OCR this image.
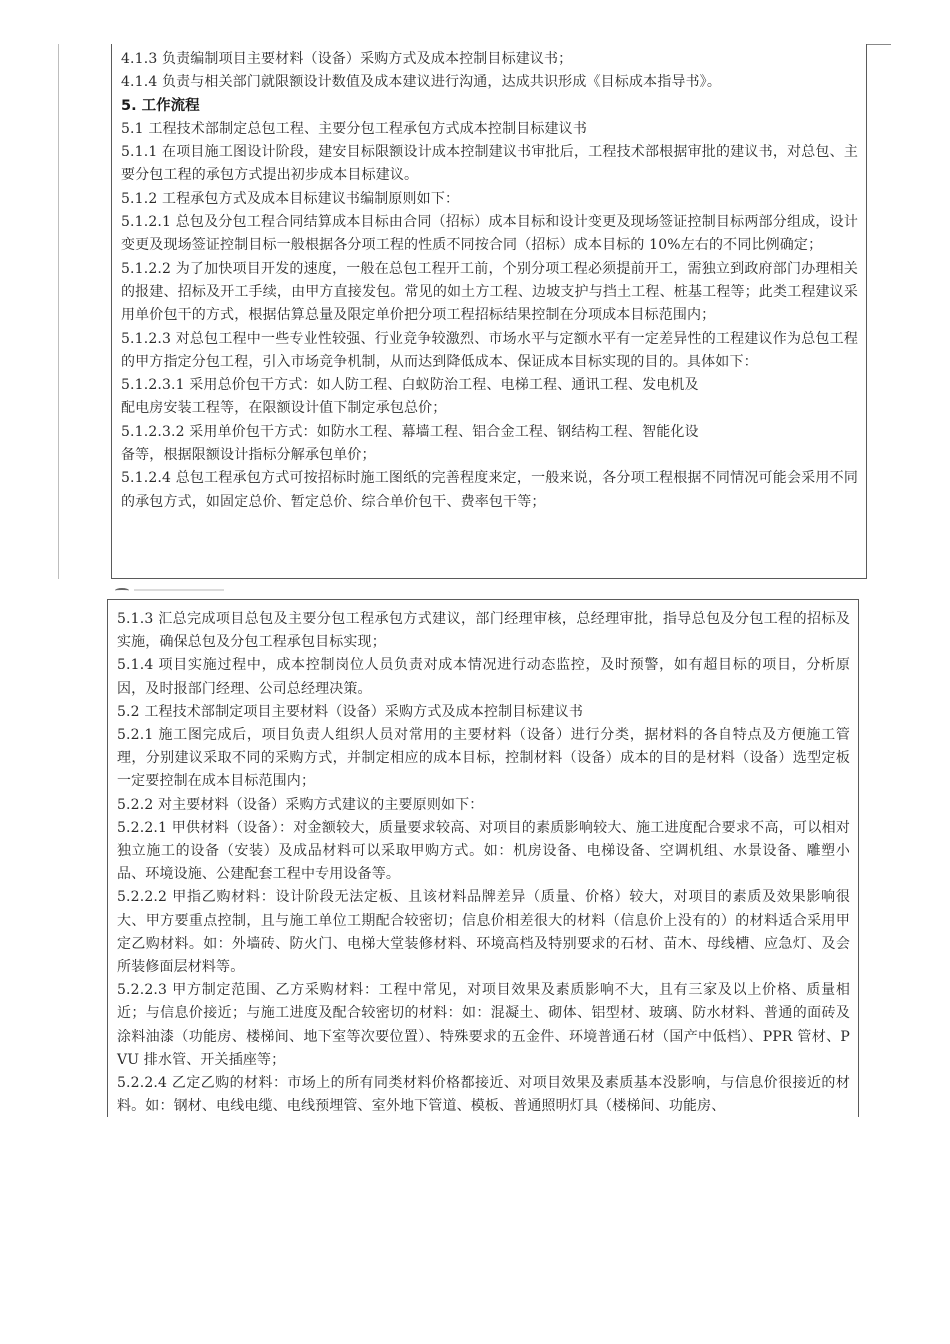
4.1.3 负责编制项目主要材料（设备）采购方式及成本控制目标建议书；

4.1.4 负责与相关部门就限额设计数值及成本建议进行沟通，达成共识形成《目标成本指导书》。

5. 工作流程

5.1 工程技术部制定总包工程、主要分包工程承包方式成本控制目标建议书

5.1.1 在项目施工图设计阶段，建安目标限额设计成本控制建议书审批后，工程技术部根据审批的建议书，对总包、主要分包工程的承包方式提出初步成本目标建议。

5.1.2 工程承包方式及成本目标建议书编制原则如下：

5.1.2.1 总包及分包工程合同结算成本目标由合同（招标）成本目标和设计变更及现场签证控制目标两部分组成，设计变更及现场签证控制目标一般根据各分项工程的性质不同按合同（招标）成本目标的 10%左右的不同比例确定；

5.1.2.2 为了加快项目开发的速度，一般在总包工程开工前，个别分项工程必须提前开工，需独立到政府部门办理相关的报建、招标及开工手续，由甲方直接发包。常见的如土方工程、边坡支护与挡土工程、桩基工程等；此类工程建议采用单价包干的方式，根据估算总量及限定单价把分项工程招标结果控制在分项成本目标范围内；

5.1.2.3 对总包工程中一些专业性较强、行业竞争较激烈、市场水平与定额水平有一定差异性的工程建议作为总包工程的甲方指定分包工程，引入市场竞争机制，从而达到降低成本、保证成本目标实现的目的。具体如下：

5.1.2.3.1 采用总价包干方式：如人防工程、白蚁防治工程、电梯工程、通讯工程、发电机及

配电房安装工程等，在限额设计值下制定承包总价；

5.1.2.3.2 采用单价包干方式：如防水工程、幕墙工程、铝合金工程、钢结构工程、智能化设

备等，根据限额设计指标分解承包单价；

5.1.2.4 总包工程承包方式可按招标时施工图纸的完善程度来定，一般来说，各分项工程根据不同情况可能会采用不同的承包方式，如固定总价、暂定总价、综合单价包干、费率包干等；

5.1.3 汇总完成项目总包及主要分包工程承包方式建议，部门经理审核，总经理审批，指导总包及分包工程的招标及实施，确保总包及分包工程承包目标实现；

5.1.4 项目实施过程中，成本控制岗位人员负责对成本情况进行动态监控，及时预警，如有超目标的项目，分析原因，及时报部门经理、公司总经理决策。

5.2 工程技术部制定项目主要材料（设备）采购方式及成本控制目标建议书

5.2.1 施工图完成后，项目负责人组织人员对常用的主要材料（设备）进行分类，据材料的各自特点及方便施工管理，分别建议采取不同的采购方式，并制定相应的成本目标，控制材料（设备）成本的目的是材料（设备）选型定板一定要控制在成本目标范围内；

5.2.2 对主要材料（设备）采购方式建议的主要原则如下：

5.2.2.1 甲供材料（设备）：对金额较大，质量要求较高、对项目的素质影响较大、施工进度配合要求不高，可以相对独立施工的设备（安装）及成品材料可以采取甲购方式。如：机房设备、电梯设备、空调机组、水景设备、雕塑小品、环境设施、公建配套工程中专用设备等。

5.2.2.2 甲指乙购材料：设计阶段无法定板、且该材料品牌差异（质量、价格）较大，对项目的素质及效果影响很大、甲方要重点控制，且与施工单位工期配合较密切；信息价相差很大的材料（信息价上没有的）的材料适合采用甲定乙购材料。如：外墙砖、防火门、电梯大堂装修材料、环境高档及特别要求的石材、苗木、母线槽、应急灯、及会所装修面层材料等。

5.2.2.3 甲方制定范围、乙方采购材料：工程中常见，对项目效果及素质影响不大，且有三家及以上价格、质量相近；与信息价接近；与施工进度及配合较密切的材料：如：混凝土、砌体、铝型材、玻璃、防水材料、普通的面砖及涂料油漆（功能房、楼梯间、地下室等次要位置）、特殊要求的五金件、环境普通石材（国产中低档）、PPR 管材、PVU 排水管、开关插座等；

5.2.2.4 乙定乙购的材料：市场上的所有同类材料价格都接近、对项目效果及素质基本没影响，与信息价很接近的材料。如：钢材、电线电缆、电线预埋管、室外地下管道、模板、普通照明灯具（楼梯间、功能房、
